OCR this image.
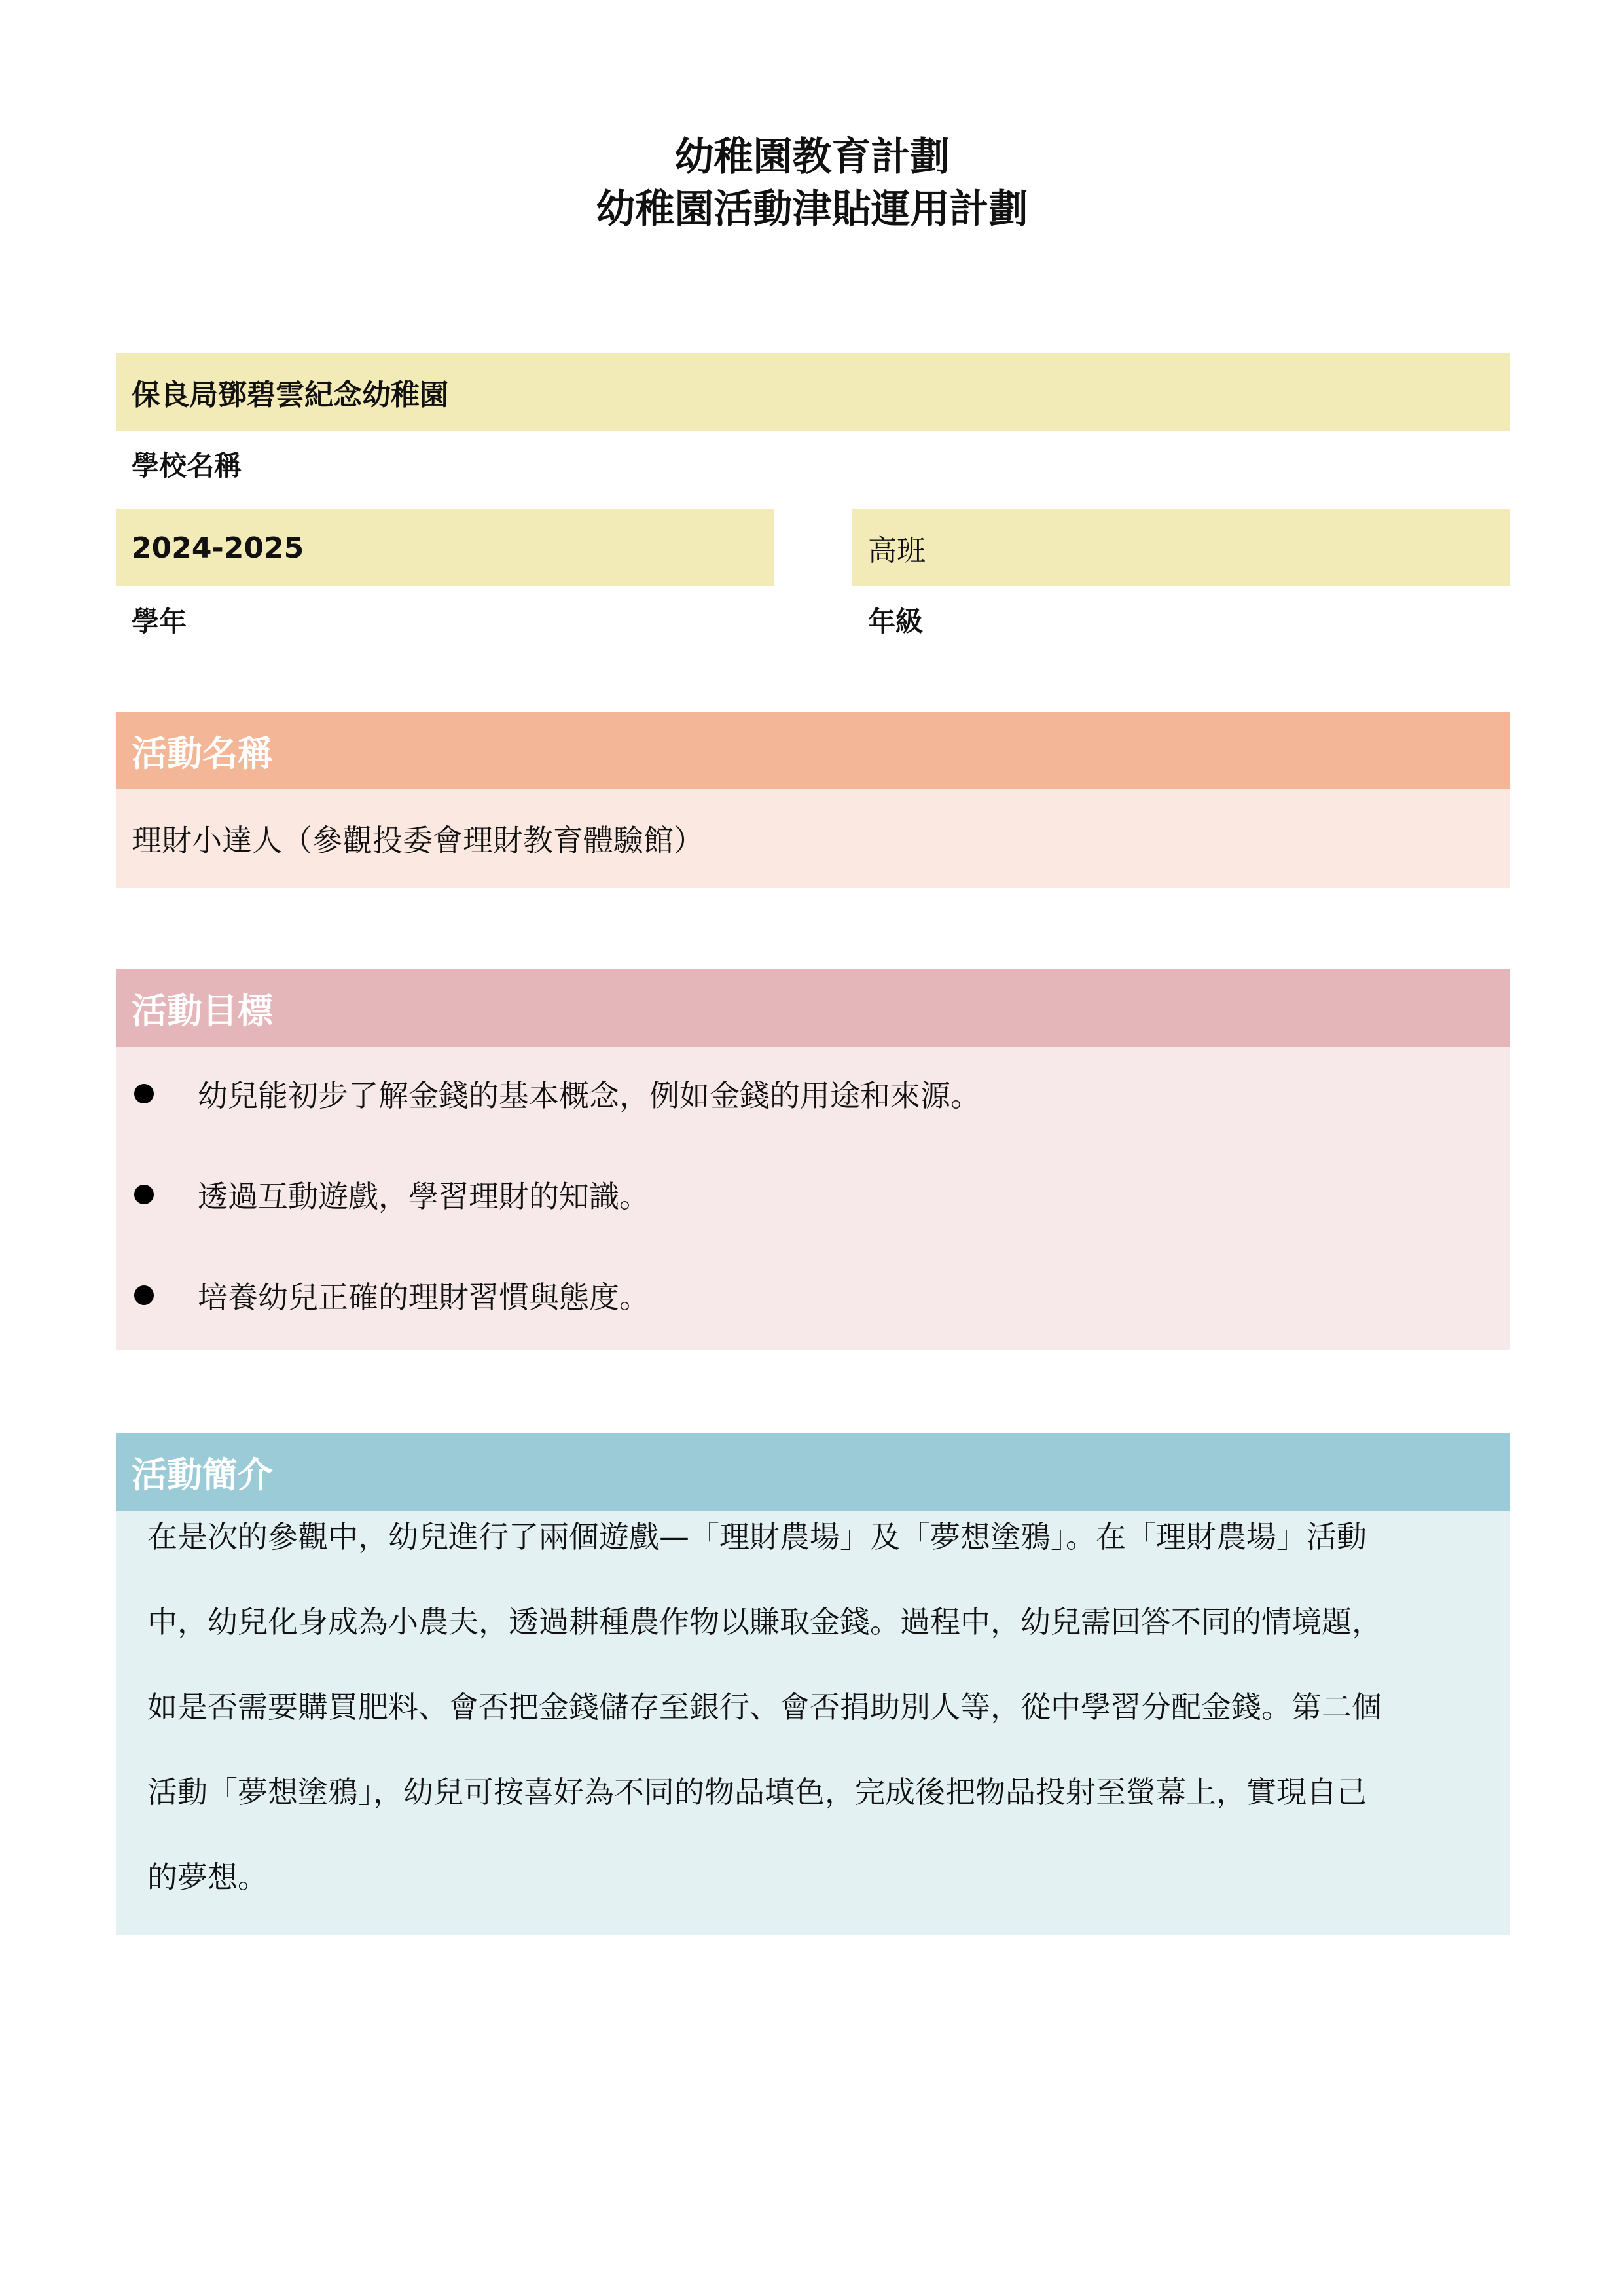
幼稚園教育計劃
幼稚園活動津貼運用計劃
保良局鄧碧雲紀念幼稚園
學校名稱
2024-2025
學年
高班
年級
活動名稱
理財小達人（參觀投委會理財教育體驗館）
活動目標
幼兒能初步了解金錢的基本概念，例如金錢的用途和來源。
透過互動遊戲，學習理財的知識。
培養幼兒正確的理財習慣與態度。
活動簡介
在是次的參觀中，幼兒進行了兩個遊戲—「理財農場」及「夢想塗鴉」。在「理財農場」活動
中，幼兒化身成為小農夫，透過耕種農作物以賺取金錢。過程中，幼兒需回答不同的情境題，
如是否需要購買肥料、會否把金錢儲存至銀行、會否捐助別人等，從中學習分配金錢。第二個
活動「夢想塗鴉」，幼兒可按喜好為不同的物品填色，完成後把物品投射至螢幕上，實現自己
的夢想。
